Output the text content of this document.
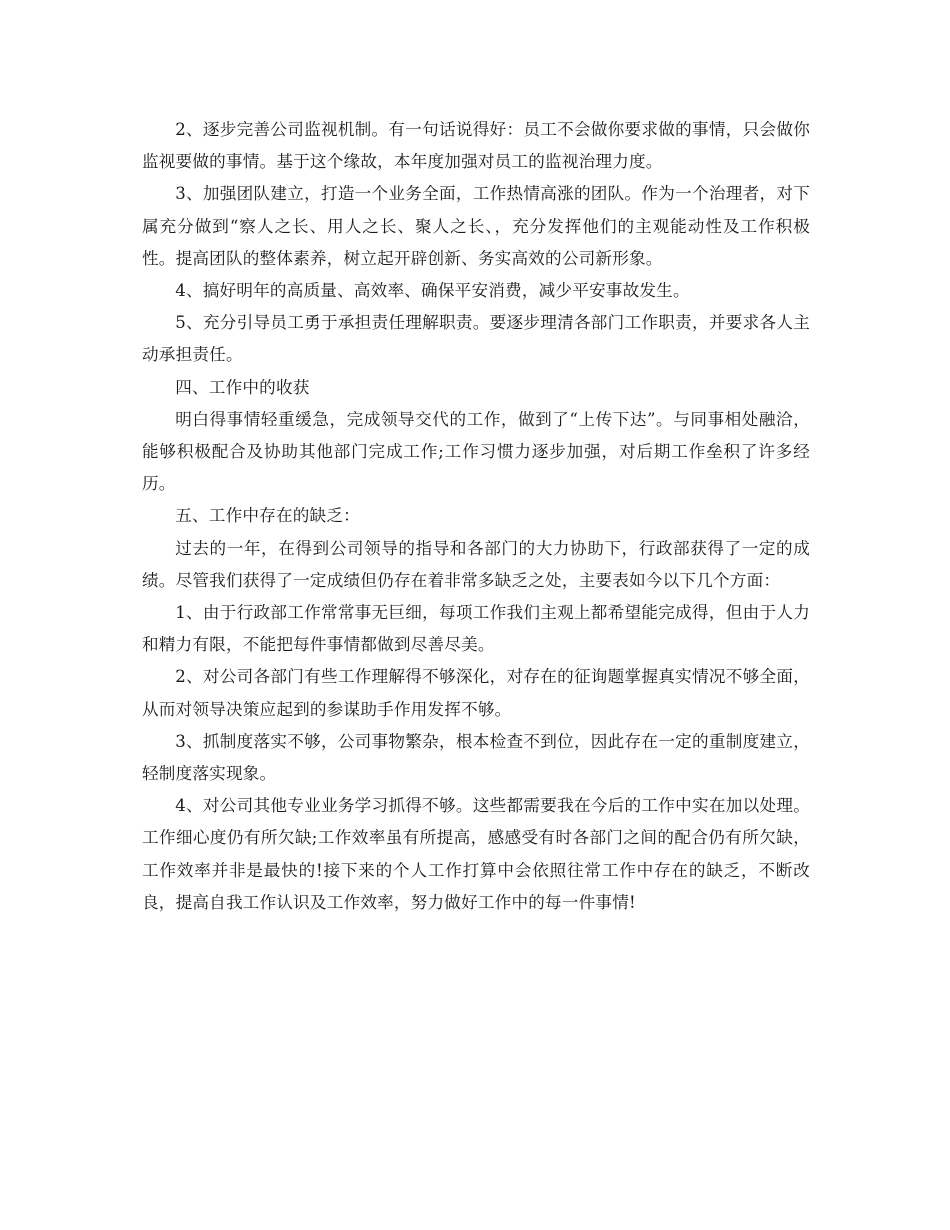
2、逐步完善公司监视机制。有一句话说得好：员工不会做你要求做的事情，只会做你监视要做的事情。基于这个缘故，本年度加强对员工的监视治理力度。

3、加强团队建立，打造一个业务全面，工作热情高涨的团队。作为一个治理者，对下属充分做到“察人之长、用人之长、聚人之长、，充分发挥他们的主观能动性及工作积极性。提高团队的整体素养，树立起开辟创新、务实高效的公司新形象。

4、搞好明年的高质量、高效率、确保平安消费，减少平安事故发生。

5、充分引导员工勇于承担责任理解职责。要逐步理清各部门工作职责，并要求各人主动承担责任。

四、工作中的收获

明白得事情轻重缓急，完成领导交代的工作，做到了“上传下达”。与同事相处融洽，能够积极配合及协助其他部门完成工作;工作习惯力逐步加强，对后期工作垒积了许多经历。

五、工作中存在的缺乏：

过去的一年，在得到公司领导的指导和各部门的大力协助下，行政部获得了一定的成绩。尽管我们获得了一定成绩但仍存在着非常多缺乏之处，主要表如今以下几个方面：

1、由于行政部工作常常事无巨细，每项工作我们主观上都希望能完成得，但由于人力和精力有限，不能把每件事情都做到尽善尽美。

2、对公司各部门有些工作理解得不够深化，对存在的征询题掌握真实情况不够全面，从而对领导决策应起到的参谋助手作用发挥不够。

3、抓制度落实不够，公司事物繁杂，根本检查不到位，因此存在一定的重制度建立，轻制度落实现象。

4、对公司其他专业业务学习抓得不够。这些都需要我在今后的工作中实在加以处理。工作细心度仍有所欠缺;工作效率虽有所提高，感感受有时各部门之间的配合仍有所欠缺，工作效率并非是最快的!接下来的个人工作打算中会依照往常工作中存在的缺乏，不断改良，提高自我工作认识及工作效率，努力做好工作中的每一件事情!
